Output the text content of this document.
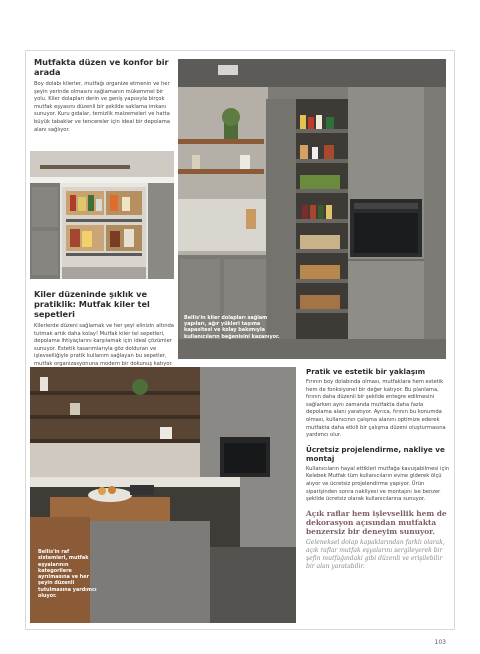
Mutfakta düzen ve konfor bir arada
Boy dolabı kilerler, mutfağı organize etmenin ve her şeyin yerinde olmasını sağlamanın mükemmel bir yolu. Kiler dolapları derin ve geniş yapısıyla birçok mutfak eşyasını düzenli bir şekilde saklama imkanı sunuyor. Kuru gıdalar, temizlik malzemeleri ve hatta büyük tabaklar ve tencereler için ideal bir depolama alanı sağlıyor.
Kiler düzeninde şıklık ve pratiklik: Mutfak kiler tel sepetleri
Kilerlerde düzeni sağlamak ve her şeyi elinizin altında tutmak artık daha kolay! Mutfak kiler tel sepetleri, depolama ihtiyaçlarını karşılamak için ideal çözümler sunuyor. Estetik tasarımlarıyla göz dolduran ve işlevselliğiyle pratik kullanım sağlayan bu sepetler, mutfak organizasyonuna modern bir dokunuş katıyor.
Bellis'in kiler dolapları sağlam yapıları, ağır yükleri taşıma kapasitesi ve kolay bakımıyla kullanıcıların beğenisini kazanıyor.
Bellis'in raf sistemleri, mutfak eşyalarının kategorilere ayrılmasına ve her şeyin düzenli tutulmasına yardımcı oluyor.
Pratik ve estetik bir yaklaşım
Fırının boy dolabında olması, mutfaklara hem estetik hem de fonksiyonel bir değer katıyor. Bu planlama, fırının daha düzenli bir şekilde entegre edilmesini sağlarken aynı zamanda mutfakta daha fazla depolama alanı yaratıyor. Ayrıca, fırının bu konumda olması, kullanıcının çalışma alanını optimize ederek mutfakta daha etkili bir çalışma düzeni oluşturmasına yardımcı olur.
Ücretsiz projelendirme, nakliye ve montaj
Kullanıcıların hayal ettikleri mutfağa kavuşabilmesi için Kelebek Mutfak tüm kullanıcıların evine giderek ölçü alıyor ve ücretsiz projelendirme yapıyor. Ürün siparişinden sonra nakliyesi ve montajını ise benzer şekilde ücretsiz olarak kullanıcılarına sunuyor.
Açık raflar hem işlevsellik hem de dekorasyon açısından mutfakta benzersiz bir deneyim sunuyor.
Geleneksel dolap kapaklarından farklı olarak, açık raflar mutfak eşyalarını sergileyerek bir şefin mutfağındaki gibi düzenli ve erişilebilir bir alan yaratabilir.
103
